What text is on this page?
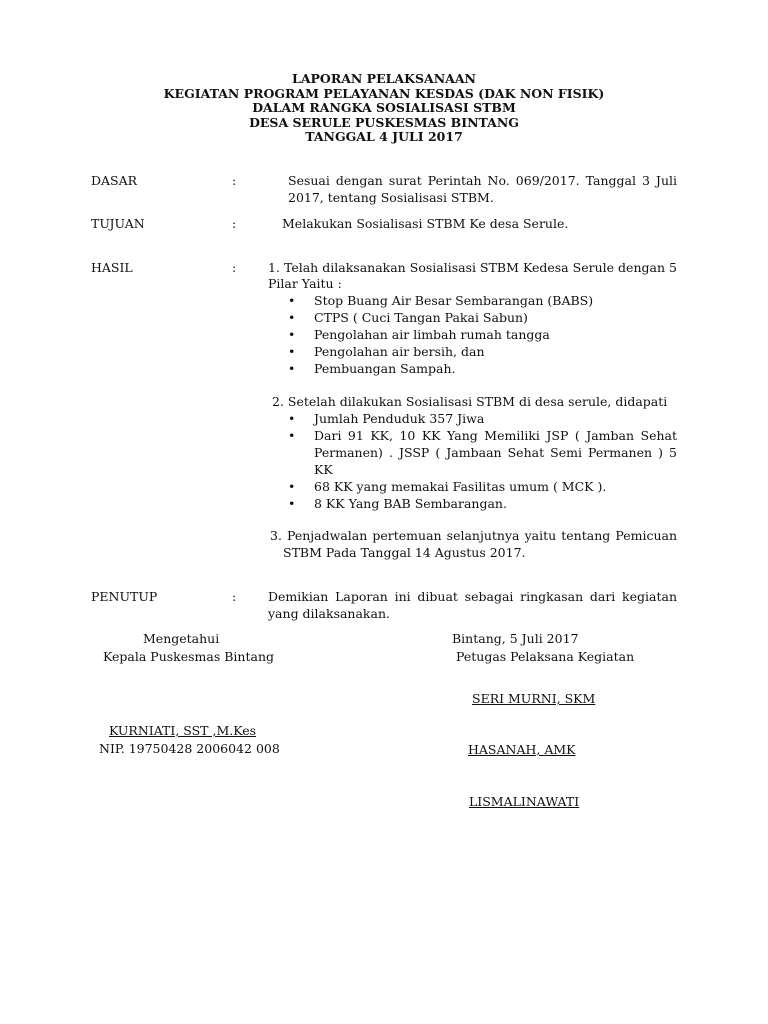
LAPORAN PELAKSANAAN
KEGIATAN PROGRAM PELAYANAN KESDAS (DAK NON FISIK)
DALAM RANGKA SOSIALISASI STBM
DESA SERULE PUSKESMAS BINTANG
TANGGAL 4 JULI 2017
DASAR	:	Sesuai dengan surat Perintah No. 069/2017. Tanggal 3 Juli
2017, tentang Sosialisasi STBM.
TUJUAN	:	Melakukan Sosialisasi STBM Ke desa Serule.
HASIL	:	1. Telah dilaksanakan Sosialisasi STBM Kedesa Serule dengan 5
Pilar Yaitu :
• Stop Buang Air Besar Sembarangan (BABS)
• CTPS ( Cuci Tangan Pakai Sabun)
• Pengolahan air limbah rumah tangga
• Pengolahan air bersih, dan
• Pembuangan Sampah.
2. Setelah dilakukan Sosialisasi STBM di desa serule, didapati
• Jumlah Penduduk 357 Jiwa
• Dari 91 KK, 10 KK Yang Memiliki JSP ( Jamban Sehat
Permanen) . JSSP ( Jambaan Sehat Semi Permanen ) 5
KK
• 68 KK yang memakai Fasilitas umum ( MCK ).
• 8 KK Yang BAB Sembarangan.
3. Penjadwalan pertemuan selanjutnya yaitu tentang Pemicuan
STBM Pada Tanggal 14 Agustus 2017.
PENUTUP	:	Demikian Laporan ini dibuat sebagai ringkasan dari kegiatan
yang dilaksanakan.
Mengetahui
Kepala Puskesmas Bintang
KURNIATI, SST ,M.Kes
NIP. 19750428 2006042 008
Bintang, 5 Juli 2017
Petugas Pelaksana Kegiatan
SERI MURNI, SKM
HASANAH, AMK
LISMALINAWATI
